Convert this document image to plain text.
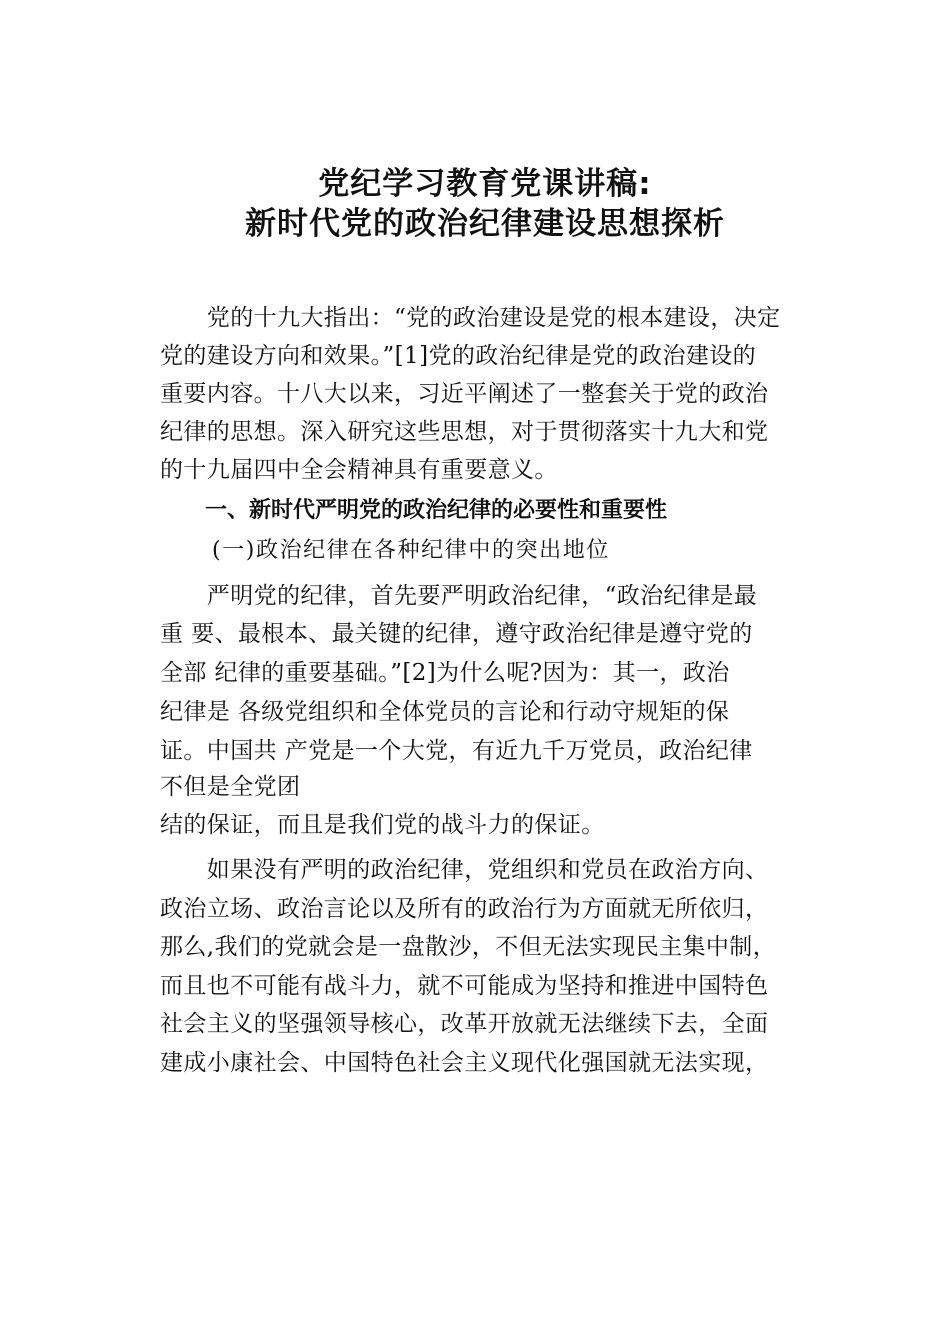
党纪学习教育党课讲稿:
新时代党的政治纪律建设思想探析
　　党的十九大指出：“党的政治建设是党的根本建设，决定
党的建设方向和效果。”[1]党的政治纪律是党的政治建设的
重要内容。十八大以来，习近平阐述了一整套关于党的政治
纪律的思想。深入研究这些思想，对于贯彻落实十九大和党
的十九届四中全会精神具有重要意义。
一、新时代严明党的政治纪律的必要性和重要性
(一)政治纪律在各种纪律中的突出地位
　　严明党的纪律，首先要严明政治纪律，“政治纪律是最
重 要、最根本、最关键的纪律，遵守政治纪律是遵守党的
全部 纪律的重要基础。”[2]为什么呢?因为：其一，政治
纪律是 各级党组织和全体党员的言论和行动守规矩的保
证。中国共 产党是一个大党，有近九千万党员，政治纪律
不但是全党团
结的保证，而且是我们党的战斗力的保证。
　　如果没有严明的政治纪律，党组织和党员在政治方向、
政治立场、政治言论以及所有的政治行为方面就无所依归，
那么,我们的党就会是一盘散沙，不但无法实现民主集中制，
而且也不可能有战斗力，就不可能成为坚持和推进中国特色
社会主义的坚强领导核心，改革开放就无法继续下去，全面
建成小康社会、中国特色社会主义现代化强国就无法实现，
